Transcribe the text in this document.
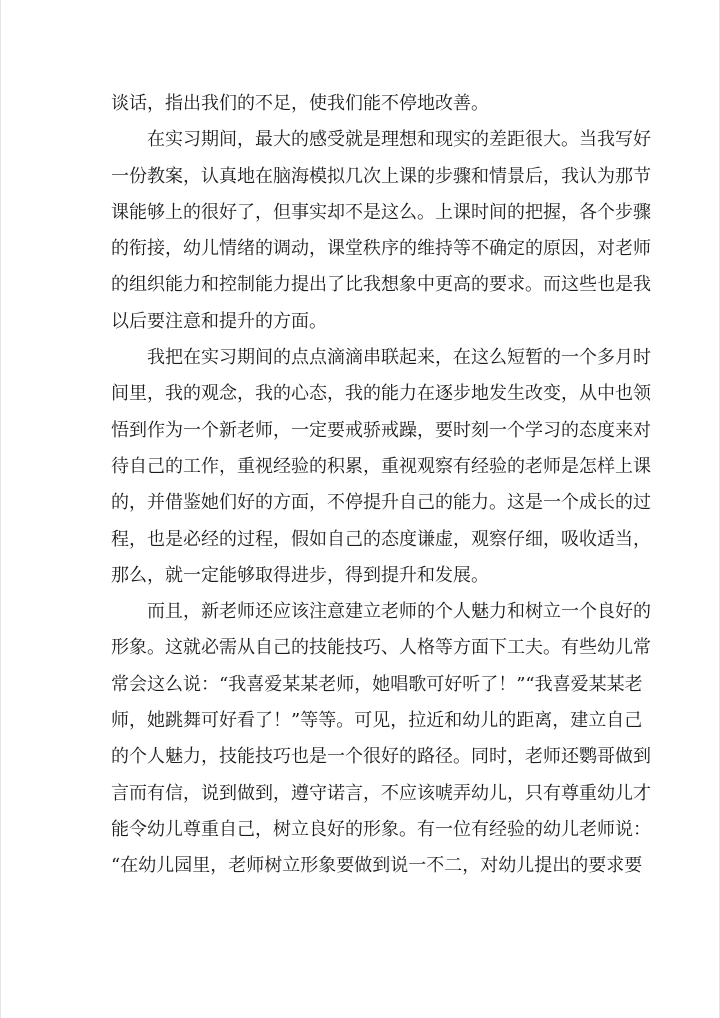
谈话，指出我们的不足，使我们能不停地改善。
　　在实习期间，最大的感受就是理想和现实的差距很大。当我写好
一份教案，认真地在脑海模拟几次上课的步骤和情景后，我认为那节
课能够上的很好了，但事实却不是这么。上课时间的把握，各个步骤
的衔接，幼儿情绪的调动，课堂秩序的维持等不确定的原因，对老师
的组织能力和控制能力提出了比我想象中更高的要求。而这些也是我
以后要注意和提升的方面。
　　我把在实习期间的点点滴滴串联起来，在这么短暂的一个多月时
间里，我的观念，我的心态，我的能力在逐步地发生改变，从中也领
悟到作为一个新老师，一定要戒骄戒躁，要时刻一个学习的态度来对
待自己的工作，重视经验的积累，重视观察有经验的老师是怎样上课
的，并借鉴她们好的方面，不停提升自己的能力。这是一个成长的过
程，也是必经的过程，假如自己的态度谦虚，观察仔细，吸收适当，
那么，就一定能够取得进步，得到提升和发展。
　　而且，新老师还应该注意建立老师的个人魅力和树立一个良好的
形象。这就必需从自己的技能技巧、人格等方面下工夫。有些幼儿常
常会这么说：“我喜爱某某老师，她唱歌可好听了！”“我喜爱某某老
师，她跳舞可好看了！”等等。可见，拉近和幼儿的距离，建立自己
的个人魅力，技能技巧也是一个很好的路径。同时，老师还鹦哥做到
言而有信，说到做到，遵守诺言，不应该唬弄幼儿，只有尊重幼儿才
能令幼儿尊重自己，树立良好的形象。有一位有经验的幼儿老师说：
“在幼儿园里，老师树立形象要做到说一不二，对幼儿提出的要求要
